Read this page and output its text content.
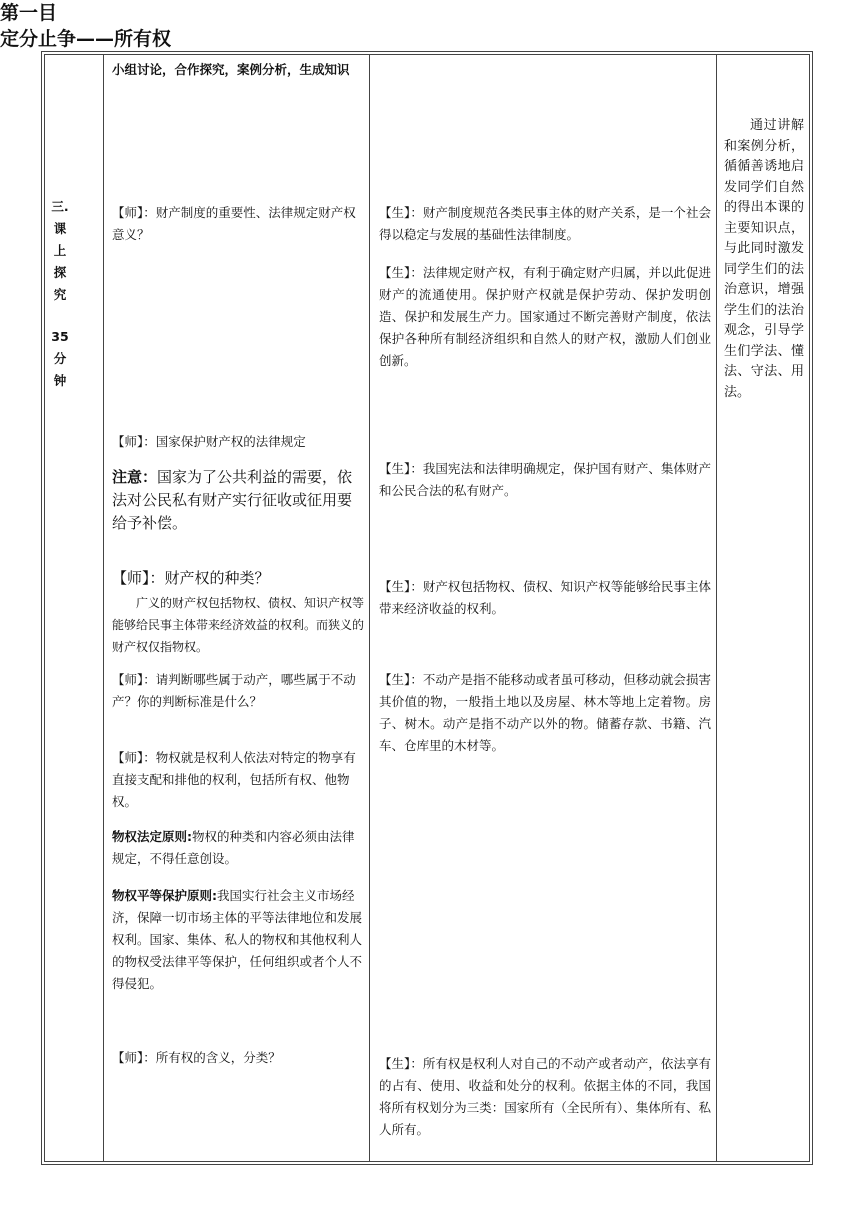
三.
课
上
探
究
35
分
钟
小组讨论，合作探究，案例分析，生成知识
第一目
定分止争——所有权
【师】：财产制度的重要性、法律规定财产权意义？
【师】：国家保护财产权的法律规定
注意：国家为了公共利益的需要，依法对公民私有财产实行征收或征用要给予补偿。
【师】：财产权的种类？
广义的财产权包括物权、债权、知识产权等能够给民事主体带来经济效益的权利。而狭义的财产权仅指物权。
【师】：请判断哪些属于动产，哪些属于不动产？你的判断标准是什么？
【师】：物权就是权利人依法对特定的物享有直接支配和排他的权利，包括所有权、他物权。
物权法定原则:物权的种类和内容必须由法律规定，不得任意创设。
物权平等保护原则:我国实行社会主义市场经济，保障一切市场主体的平等法律地位和发展权利。国家、集体、私人的物权和其他权利人的物权受法律平等保护，任何组织或者个人不得侵犯。
【师】：所有权的含义，分类？
【生】：财产制度规范各类民事主体的财产关系，是一个社会得以稳定与发展的基础性法律制度。
【生】：法律规定财产权，有利于确定财产归属，并以此促进财产的流通使用。保护财产权就是保护劳动、保护发明创造、保护和发展生产力。国家通过不断完善财产制度，依法保护各种所有制经济组织和自然人的财产权，激励人们创业创新。
【生】：我国宪法和法律明确规定，保护国有财产、集体财产和公民合法的私有财产。
【生】：财产权包括物权、债权、知识产权等能够给民事主体带来经济收益的权利。
【生】：不动产是指不能移动或者虽可移动，但移动就会损害其价值的物，一般指土地以及房屋、林木等地上定着物。房子、树木。动产是指不动产以外的物。储蓄存款、书籍、汽车、仓库里的木材等。
【生】：所有权是权利人对自己的不动产或者动产，依法享有的占有、使用、收益和处分的权利。依据主体的不同，我国将所有权划分为三类：国家所有（全民所有）、集体所有、私人所有。
通过讲解和案例分析，循循善诱地启发同学们自然的得出本课的主要知识点，与此同时激发同学生们的法治意识，增强学生们的法治观念，引导学生们学法、懂法、守法、用法。
